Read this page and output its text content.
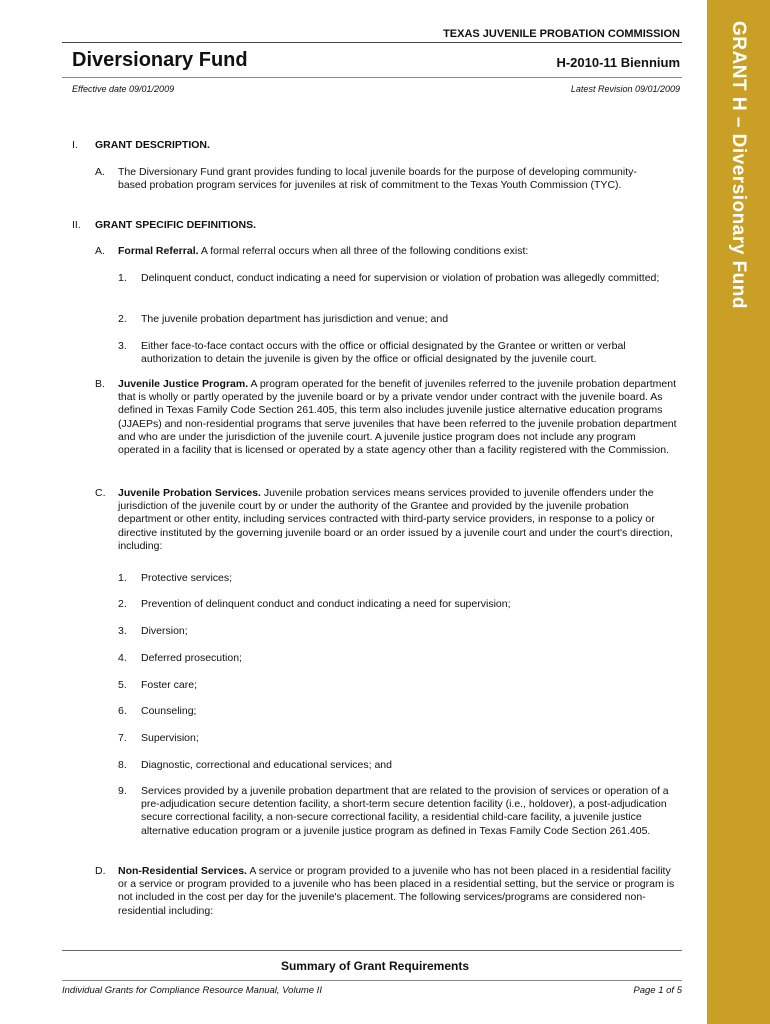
GRANT H – Diversionary Fund
TEXAS JUVENILE PROBATION COMMISSION
Diversionary Fund	H-2010-11 Biennium
Effective date 09/01/2009	Latest Revision 09/01/2009
I. GRANT DESCRIPTION.
A. The Diversionary Fund grant provides funding to local juvenile boards for the purpose of developing community-based probation program services for juveniles at risk of commitment to the Texas Youth Commission (TYC).
II. GRANT SPECIFIC DEFINITIONS.
A. Formal Referral. A formal referral occurs when all three of the following conditions exist:
1. Delinquent conduct, conduct indicating a need for supervision or violation of probation was allegedly committed;
2. The juvenile probation department has jurisdiction and venue; and
3. Either face-to-face contact occurs with the office or official designated by the Grantee or written or verbal authorization to detain the juvenile is given by the office or official designated by the juvenile court.
B. Juvenile Justice Program. A program operated for the benefit of juveniles referred to the juvenile probation department that is wholly or partly operated by the juvenile board or by a private vendor under contract with the juvenile board. As defined in Texas Family Code Section 261.405, this term also includes juvenile justice alternative education programs (JJAEPs) and non-residential programs that serve juveniles that have been referred to the juvenile probation department and who are under the jurisdiction of the juvenile court. A juvenile justice program does not include any program operated in a facility that is licensed or operated by a state agency other than a facility registered with the Commission.
C. Juvenile Probation Services. Juvenile probation services means services provided to juvenile offenders under the jurisdiction of the juvenile court by or under the authority of the Grantee and provided by the juvenile probation department or other entity, including services contracted with third-party service providers, in response to a policy or directive instituted by the governing juvenile board or an order issued by a juvenile court and under the court's direction, including:
1. Protective services;
2. Prevention of delinquent conduct and conduct indicating a need for supervision;
3. Diversion;
4. Deferred prosecution;
5. Foster care;
6. Counseling;
7. Supervision;
8. Diagnostic, correctional and educational services; and
9. Services provided by a juvenile probation department that are related to the provision of services or operation of a pre-adjudication secure detention facility, a short-term secure detention facility (i.e., holdover), a post-adjudication secure correctional facility, a non-secure correctional facility, a residential child-care facility, a juvenile justice alternative education program or a juvenile justice program as defined in Texas Family Code Section 261.405.
D. Non-Residential Services. A service or program provided to a juvenile who has not been placed in a residential facility or a service or program provided to a juvenile who has been placed in a residential setting, but the service or program is not included in the cost per day for the juvenile's placement. The following services/programs are considered non-residential including:
Summary of Grant Requirements
Individual Grants for Compliance Resource Manual, Volume II	Page 1 of 5
